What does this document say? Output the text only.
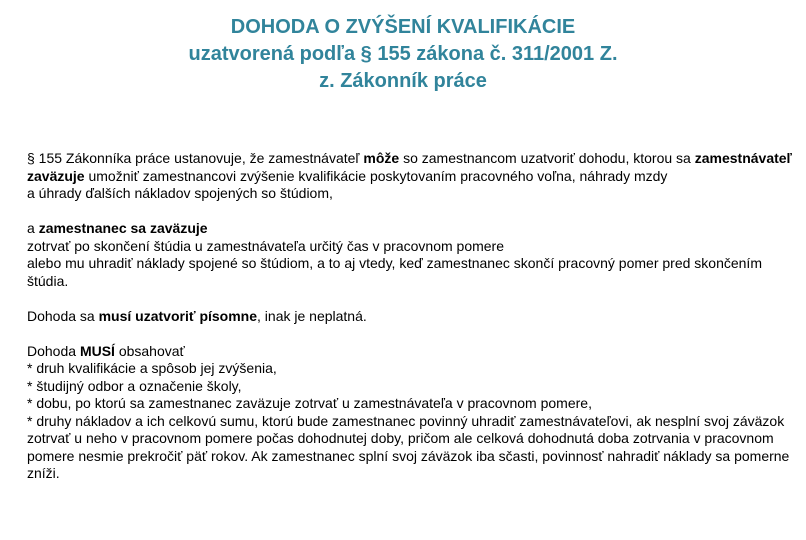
DOHODA O ZVÝŠENÍ KVALIFIKÁCIE
uzatvorená podľa § 155 zákona č. 311/2001 Z.
z. Zákonník práce

§ 155 Zákonníka práce ustanovuje, že zamestnávateľ môže so zamestnancom uzatvoriť dohodu, ktorou sa zamestnávateľ zaväzuje umožniť zamestnancovi zvýšenie kvalifikácie poskytovaním pracovného voľna, náhrady mzdy

a úhrady ďalších nákladov spojených so štúdiom,

a zamestnanec sa zaväzuje

zotrvať po skončení štúdia u zamestnávateľa určitý čas v pracovnom pomere

alebo mu uhradiť náklady spojené so štúdiom, a to aj vtedy, keď zamestnanec skončí pracovný pomer pred skončením štúdia.

Dohoda sa musí uzatvoriť písomne, inak je neplatná.

Dohoda MUSÍ obsahovať

* druh kvalifikácie a spôsob jej zvýšenia,

* študijný odbor a označenie školy,

* dobu, po ktorú sa zamestnanec zaväzuje zotrvať u zamestnávateľa v pracovnom pomere,

* druhy nákladov a ich celkovú sumu, ktorú bude zamestnanec povinný uhradiť zamestnávateľovi, ak nesplní svoj záväzok zotrvať u neho v pracovnom pomere počas dohodnutej doby, pričom ale celková dohodnutá doba zotrvania v pracovnom pomere nesmie prekročiť päť rokov. Ak zamestnanec splní svoj záväzok iba sčasti, povinnosť nahradiť náklady sa pomerne zníži.
